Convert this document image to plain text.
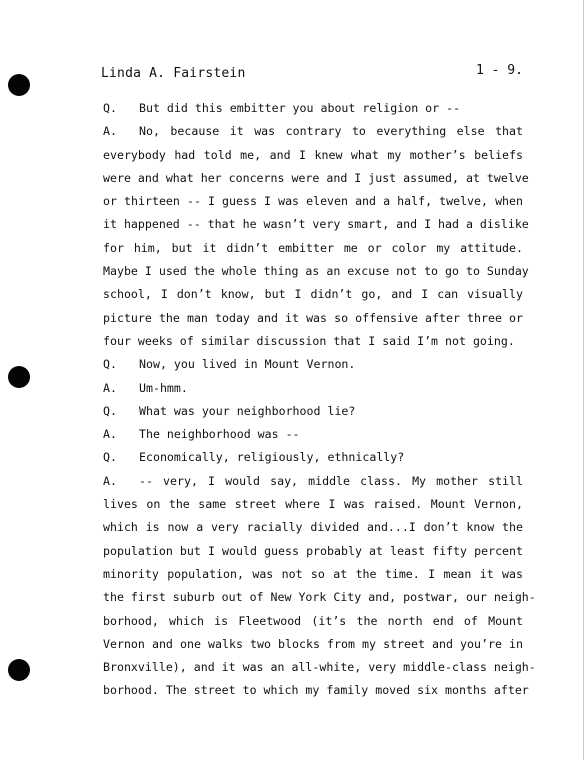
Linda A. Fairstein	1 - 9.
Q.	But did this embitter you about religion or --
A.	No, because it was contrary to everything else that
everybody had told me, and I knew what my mother’s beliefs
were and what her concerns were and I just assumed, at twelve
or thirteen -- I guess I was eleven and a half, twelve, when
it happened -- that he wasn’t very smart, and I had a dislike
for him, but it didn’t embitter me or color my attitude.
Maybe I used the whole thing as an excuse not to go to Sunday
school, I don’t know, but I didn’t go, and I can visually
picture the man today and it was so offensive after three or
four weeks of similar discussion that I said I’m not going.
Q.	Now, you lived in Mount Vernon.
A.	Um-hmm.
Q.	What was your neighborhood lie?
A.	The neighborhood was --
Q.	Economically, religiously, ethnically?
A.	-- very, I would say, middle class. My mother still
lives on the same street where I was raised. Mount Vernon,
which is now a very racially divided and...I don’t know the
population but I would guess probably at least fifty percent
minority population, was not so at the time. I mean it was
the first suburb out of New York City and, postwar, our neigh-
borhood, which is Fleetwood (it’s the north end of Mount
Vernon and one walks two blocks from my street and you’re in
Bronxville), and it was an all-white, very middle-class neigh-
borhood. The street to which my family moved six months after
